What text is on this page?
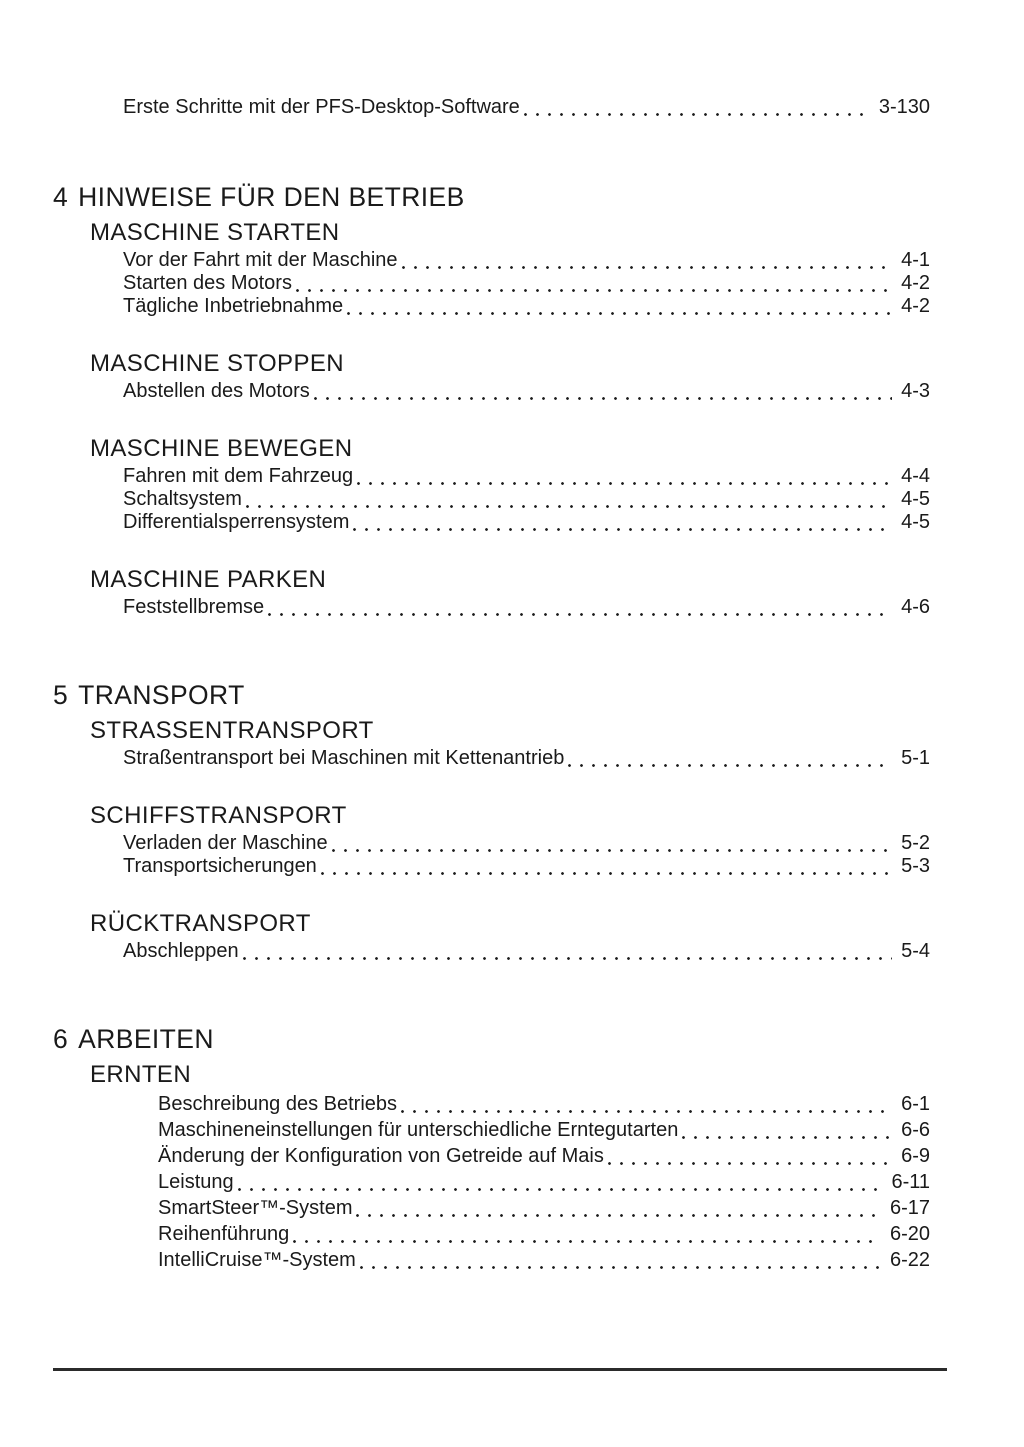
Erste Schritte mit der PFS-Desktop-Software	3-130
4 HINWEISE FÜR DEN BETRIEB
MASCHINE STARTEN
Vor der Fahrt mit der Maschine	4-1
Starten des Motors	4-2
Tägliche Inbetriebnahme	4-2
MASCHINE STOPPEN
Abstellen des Motors	4-3
MASCHINE BEWEGEN
Fahren mit dem Fahrzeug	4-4
Schaltsystem	4-5
Differentialsperrensystem	4-5
MASCHINE PARKEN
Feststellbremse	4-6
5 TRANSPORT
STRASSENTRANSPORT
Straßentransport bei Maschinen mit Kettenantrieb	5-1
SCHIFFSTRANSPORT
Verladen der Maschine	5-2
Transportsicherungen	5-3
RÜCKTRANSPORT
Abschleppen	5-4
6 ARBEITEN
ERNTEN
Beschreibung des Betriebs	6-1
Maschineneinstellungen für unterschiedliche Erntegutarten	6-6
Änderung der Konfiguration von Getreide auf Mais	6-9
Leistung	6-11
SmartSteer™-System	6-17
Reihenführung	6-20
IntelliCruise™-System	6-22
